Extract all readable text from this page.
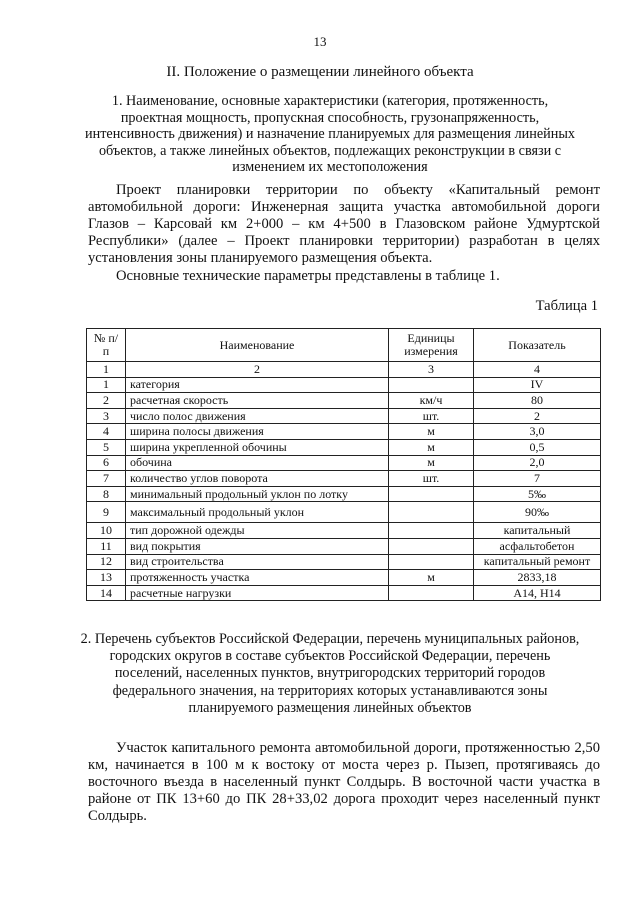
13
II. Положение о размещении линейного объекта
1. Наименование, основные характеристики (категория, протяженность, проектная мощность, пропускная способность, грузонапряженность, интенсивность движения) и назначение планируемых для размещения линейных объектов, а также линейных объектов, подлежащих реконструкции в связи с изменением их местоположения
Проект планировки территории по объекту «Капитальный ремонт автомобильной дороги: Инженерная защита участка автомобильной дороги Глазов – Карсовай км 2+000 – км 4+500 в Глазовском районе Удмуртской Республики» (далее – Проект планировки территории) разработан в целях установления зоны планируемого размещения объекта.
Основные технические параметры представлены в таблице 1.
Таблица 1
№ п/п	Наименование	Единицы измерения	Показатель
1	2	3	4
1	категория		IV
2	расчетная скорость	км/ч	80
3	число полос движения	шт.	2
4	ширина полосы движения	м	3,0
5	ширина укрепленной обочины	м	0,5
6	обочина	м	2,0
7	количество углов поворота	шт.	7
8	минимальный продольный уклон по лотку		5‰
9	максимальный продольный уклон		90‰
10	тип дорожной одежды		капитальный
11	вид покрытия		асфальтобетон
12	вид строительства		капитальный ремонт
13	протяженность участка	м	2833,18
14	расчетные нагрузки		А14, Н14
2. Перечень субъектов Российской Федерации, перечень муниципальных районов, городских округов в составе субъектов Российской Федерации, перечень поселений, населенных пунктов, внутригородских территорий городов федерального значения, на территориях которых устанавливаются зоны планируемого размещения линейных объектов
Участок капитального ремонта автомобильной дороги, протяженностью 2,50 км, начинается в 100 м к востоку от моста через р. Пызеп, протягиваясь до восточного въезда в населенный пункт Солдырь. В восточной части участка в районе от ПК 13+60 до ПК 28+33,02 дорога проходит через населенный пункт Солдырь.
